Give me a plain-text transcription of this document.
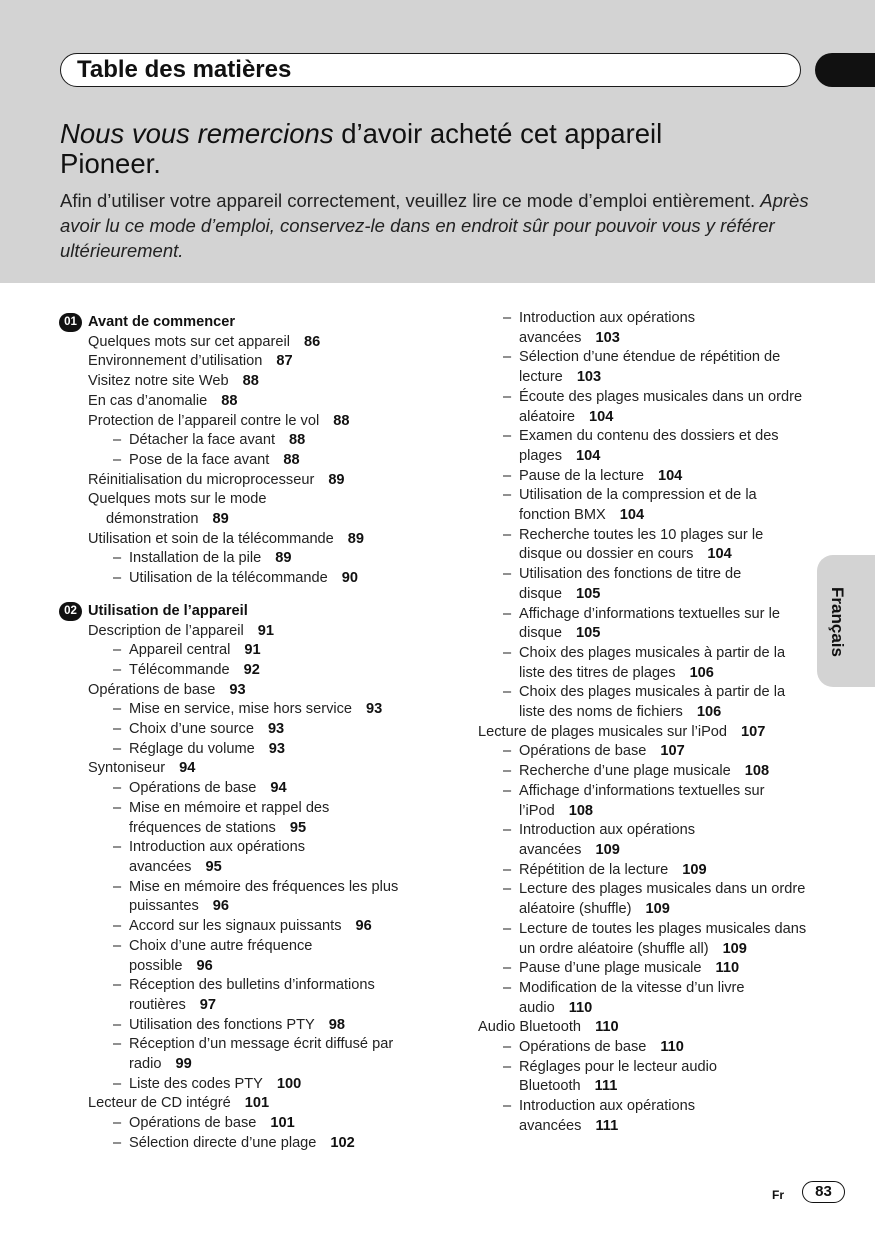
Table des matières
Nous vous remercions d’avoir acheté cet appareil Pioneer.
Afin d’utiliser votre appareil correctement, veuillez lire ce mode d’emploi entièrement. Après avoir lu ce mode d’emploi, conservez-le dans en endroit sûr pour pouvoir vous y référer ultérieurement.
01 Avant de commencer
Quelques mots sur cet appareil 86
Environnement d’utilisation 87
Visitez notre site Web 88
En cas d’anomalie 88
Protection de l’appareil contre le vol 88
– Détacher la face avant 88
– Pose de la face avant 88
Réinitialisation du microprocesseur 89
Quelques mots sur le mode démonstration 89
Utilisation et soin de la télécommande 89
– Installation de la pile 89
– Utilisation de la télécommande 90
02 Utilisation de l’appareil
Description de l’appareil 91
– Appareil central 91
– Télécommande 92
Opérations de base 93
– Mise en service, mise hors service 93
– Choix d’une source 93
– Réglage du volume 93
Syntoniseur 94
– Opérations de base 94
– Mise en mémoire et rappel des fréquences de stations 95
– Introduction aux opérations avancées 95
– Mise en mémoire des fréquences les plus puissantes 96
– Accord sur les signaux puissants 96
– Choix d’une autre fréquence possible 96
– Réception des bulletins d’informations routières 97
– Utilisation des fonctions PTY 98
– Réception d’un message écrit diffusé par radio 99
– Liste des codes PTY 100
Lecteur de CD intégré 101
– Opérations de base 101
– Sélection directe d’une plage 102
– Introduction aux opérations avancées 103
– Sélection d’une étendue de répétition de lecture 103
– Écoute des plages musicales dans un ordre aléatoire 104
– Examen du contenu des dossiers et des plages 104
– Pause de la lecture 104
– Utilisation de la compression et de la fonction BMX 104
– Recherche toutes les 10 plages sur le disque ou dossier en cours 104
– Utilisation des fonctions de titre de disque 105
– Affichage d’informations textuelles sur le disque 105
– Choix des plages musicales à partir de la liste des titres de plages 106
– Choix des plages musicales à partir de la liste des noms de fichiers 106
Lecture de plages musicales sur l’iPod 107
– Opérations de base 107
– Recherche d’une plage musicale 108
– Affichage d’informations textuelles sur l’iPod 108
– Introduction aux opérations avancées 109
– Répétition de la lecture 109
– Lecture des plages musicales dans un ordre aléatoire (shuffle) 109
– Lecture de toutes les plages musicales dans un ordre aléatoire (shuffle all) 109
– Pause d’une plage musicale 110
– Modification de la vitesse d’un livre audio 110
Audio Bluetooth 110
– Opérations de base 110
– Réglages pour le lecteur audio Bluetooth 111
– Introduction aux opérations avancées 111
Français
Fr	83
